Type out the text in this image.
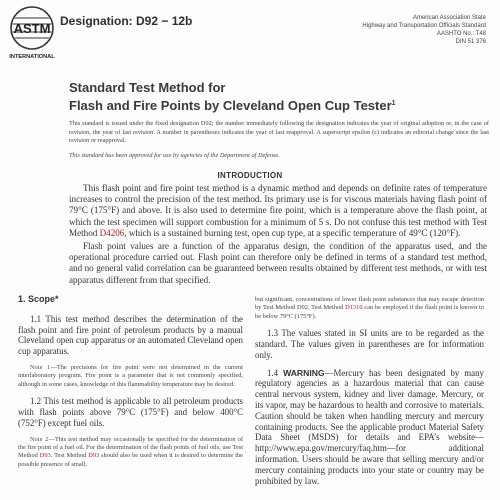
ASTM
INTERNATIONAL
Designation: D92 − 12b	American Association State
Highway and Transportation Officials Standard
AASHTO No.: T48
DIN 51 376
Standard Test Method for
Flash and Fire Points by Cleveland Open Cup Tester$^1$

This standard is issued under the fixed designation D92; the number immediately following the designation indicates the year of original adoption or, in the case of revision, the year of last revision. A number in parentheses indicates the year of last reapproval. A superscript epsilon (ε) indicates an editorial change since the last revision or reapproval.

This standard has been approved for use by agencies of the Department of Defense.

INTRODUCTION

This flash point and fire point test method is a dynamic method and depends on definite rates of temperature increases to control the precision of the test method. Its primary use is for viscous materials having flash point of 79°C (175°F) and above. It is also used to determine fire point, which is a temperature above the flash point, at which the test specimen will support combustion for a minimum of 5 s. Do not confuse this test method with Test Method D4206, which is a sustained burning test, open cup type, at a specific temperature of 49°C (120°F).

Flash point values are a function of the apparatus design, the condition of the apparatus used, and the operational procedure carried out. Flash point can therefore only be defined in terms of a standard test method, and no general valid correlation can be guaranteed between results obtained by different test methods, or with test apparatus different from that specified.

1. Scope*

1.1 This test method describes the determination of the flash point and fire point of petroleum products by a manual Cleveland open cup apparatus or an automated Cleveland open cup apparatus.

Note 1—The precisions for fire point were not determined in the current interlaboratory program. Fire point is a parameter that is not commonly specified, although in some cases, knowledge of this flammability temperature may be desired.

1.2 This test method is applicable to all petroleum products with flash points above 79°C (175°F) and below 400°C (752°F) except fuel oils.

Note 2—This test method may occasionally be specified for the determination of the fire point of a fuel oil. For the determination of the flash points of fuel oils, use Test Method D93. Test Method D93 should also be used when it is desired to determine the possible presence of small,

but significant, concentrations of lower flash point substances that may escape detection by Test Method D92. Test Method D1310 can be employed if the flash point is known to be below 79°C (175°F).

1.3 The values stated in SI units are to be regarded as the standard. The values given in parentheses are for information only.

1.4 WARNING—Mercury has been designated by many regulatory agencies as a hazardous material that can cause central nervous system, kidney and liver damage. Mercury, or its vapor, may be hazardous to health and corrosive to materials. Caution should be taken when handling mercury and mercury containing products. See the applicable product Material Safety Data Sheet (MSDS) for details and EPA’s website—http://www.epa.gov/mercury/faq.htm—for additional information. Users should be aware that selling mercury and/or mercury containing products into your state or country may be prohibited by law.
